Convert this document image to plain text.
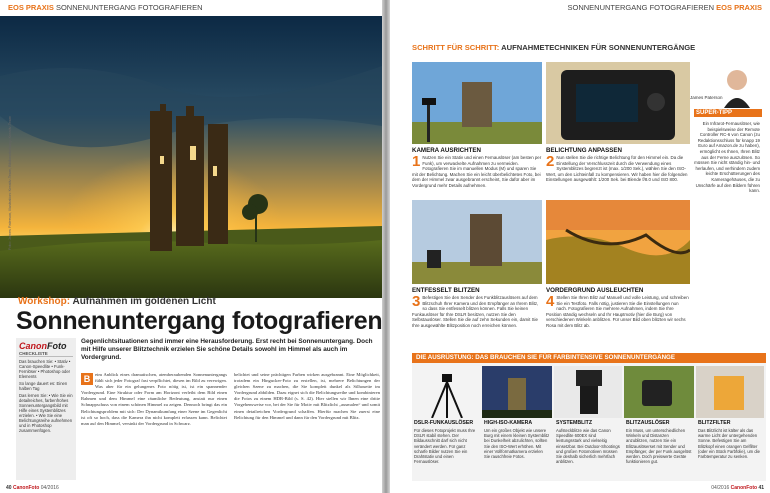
EOS PRAXIS SONNENUNTERGANG FOTOGRAFIEREN
Foto: James Paterson, Illustration: Kreativ-Team, Bildbearbeitung: Kreativ-Team
Workshop: Aufnahmen im goldenen Licht
Sonnenuntergang fotografieren
CanonFoto
CHECKLISTE

Das brauchen Sie: • Stativ • Canon-Speedlite • Funk-Fernlöser • Photoshop oder Elements

So lange dauert es: Einen halben Tag

Das lernen Sie: • Wie Sie ein detailreiches, farbenfrohes Sonnenuntergangsbild mit Hilfe eines Systemblitzes erzielen. • Wie Sie eine Belichtungsreihe aufnehmen und in Photoshop zusammenfügen.

Gegenlichtsituationen sind immer eine Herausforderung. Erst recht bei Sonnenuntergang. Doch mit Hilfe unserer Blitztechnik erzielen Sie schöne Details sowohl im Himmel als auch im Vordergrund.
B	eim Anblick eines dramatischen, atemberaubenden Sonnenuntergangs fühlt sich jeder Fotograf fast verpflichtet, diesen im Bild zu verewigen. Was aber für ein gelungenes Foto nötig ist, ist ein spannender Vordergrund. Eine Struktur oder Form am Horizont verleiht dem Bild einen Rahmen und dem Himmel eine räumliche Bedeutung, anstatt nur einen Schnappschuss von einem schönen Himmel zu zeigen. Dennoch bringt das ein Belichtungsproblem mit sich: Der Dynamikumfang einer Szene im Gegenlicht ist oft so hoch, dass die Kamera ihn nicht komplett erfassen kann. Belichtet man auf den Himmel, versinkt der Vordergrund in Schwarz.
belichtet und seine prächtigen Farben wirken ausgebrannt. Eine Möglichkeit, trotzdem ein Hingucker-Foto zu erstellen, ist, mehrere Belichtungen der gleichen Szene zu machen, die Sie komplett dunkel als Silhouette im Vordergrund abbilden. Dazu eignet sich die Belichtungsreihe und kombinieren die Fotos zu einem HDR-Bild (s. S. 42). Hier stellen wir Ihnen eine dritte Vorgehensweise vor, bei der Sie für Motiv mit Blitzlicht „ausmalen“ und somit einen detailreichen Vordergrund schaffen. Hierfür machen Sie zuerst eine Belichtung für den Himmel und dann für den Vordergrund mit Blitz.
40 CanonFoto 04/2016
SONNENUNTERGANG FOTOGRAFIEREN EOS PRAXIS
SCHRITT FÜR SCHRITT: AUFNAHMETECHNIKEN FÜR SONNENUNTERGÄNGE
KAMERA AUSRICHTEN
1 Nutzen Sie ein Stativ und einen Fernauslöser (am besten per Funk), um verwackelte Aufnahmen zu vermeiden. Fotografieren Sie im manuellen Modus (M) und sparen Sie mit der Belichtung. Machen Sie ein leicht überbelichtetes Foto, bei dem der Himmel zwar ausgebrannt erscheint, Sie dafür aber im Vordergrund mehr Details aufnehmen.
BELICHTUNG ANPASSEN
2 Nun stellen Sie die richtige Belichtung für den Himmel ein. Da die Einstellung der Verschlusszeit durch die Verwendung eines Systemblitzes begrenzt ist (max. 1/200 Sek.), wählen Sie den ISO-Wert, um den Lichteinfall zu kompensieren. Wir haben hier die folgenden Einstellungen ausgewählt: 1/200 Sek. bei Blende f/8.0 und ISO 800.
ENTFESSELT BLITZEN
3 Befestigen Sie den Sender des Funkblitzauslösers auf dem Blitzschuh Ihrer Kamera und den Empfänger an Ihrem Blitz, so dass Sie entfesselt blitzen können. Falls Sie keinen Funkauslöser für Ihre DSLR besitzen, nutzen Sie den Selbstauslöser. Stellen Sie die auf zehn Sekunden ein, damit Sie Ihre ausgewählte Blitzposition noch erreichen können.
VORDERGRUND AUSLEUCHTEN
4 Stellen Sie Ihren Blitz auf Manuell und volle Leistung, und schreiben Sie ein Testfoto. Falls nötig, justieren Sie die Einstellungen nun nach. Fotografieren Sie mehrere Aufnahmen, indem Sie Ihre Position ständig wechseln und Ihr Hauptmotiv (hier die Burg) von verschiedenen Winkeln anblitzen. Für unser Bild oben blitzten wir sechs Rosa mit dem Blitz ab.
James Paterson
SUPER-TIPP
Ein Infrarot-Fernauslöser, wie beispielsweise der Remote Controller RC-6 von Canon (zu Redaktionsschluss für knapp 19 Euro auf Amazon.de zu haben), ermöglicht es Ihnen, Ihren Blitz aus der Ferne auszulösen. So müssen Sie nicht ständig hin- und herlaufen, und verhindern zudem leichte Erschütterungen des Kameragehäuses, die zu Unschärfe auf den Bildern führen kann.
DIE AUSRÜSTUNG: DAS BRAUCHEN SIE FÜR FARBINTENSIVE SONNENUNTERGÄNGE
DSLR-FUNKAUSLÖSER
Für dieses Fotoprojekt muss Ihre DSLR stabil stehen. Der Bildausschnitt darf sich nicht verändert werden. Für ganz scharfe Bilder nutzen Sie ein Drahtstativ und einen Fernauslöser.
HIGH-ISO-KAMERA
Um ein großes Objekt wie unsere Burg mit einem kleinen Systemblitz bei Dunkelheit abzulichten, sollten Sie den ISO-Wert erhöhen. Mit einer Vollformatkamera erzielen Sie rauschfreie Fotos.
SYSTEMBLITZ
Aufsteckblitze wie das Canon Speedlite 600EX sind leistungsstark und vielseitig einsetzbar. Bei Outdoor-Shootings und großen Fotomotiven müssen Sie deshalb sicherlich mehrfach anblitzen.
BLITZAUSLÖSER
Ein Muss, um unterschiedlichen Winkeln und Distanzen anzublitzen, nutzen Sie ein Blitzauslöserset mit Sender und Empfänger, der per Funk ausgelöst werden. Doch preiswerte Geräte funktionieren gut.
BLITZFILTER
Das Blitzlicht ist kälter als das warme Licht der untergehenden Sonne. Befestigen Sie am Blitzkopf einen orangen Gelfilter (oder ein Stück Farbfolie), um die Farbtemperatur zu senken.
04/2016 CanonFoto 41
